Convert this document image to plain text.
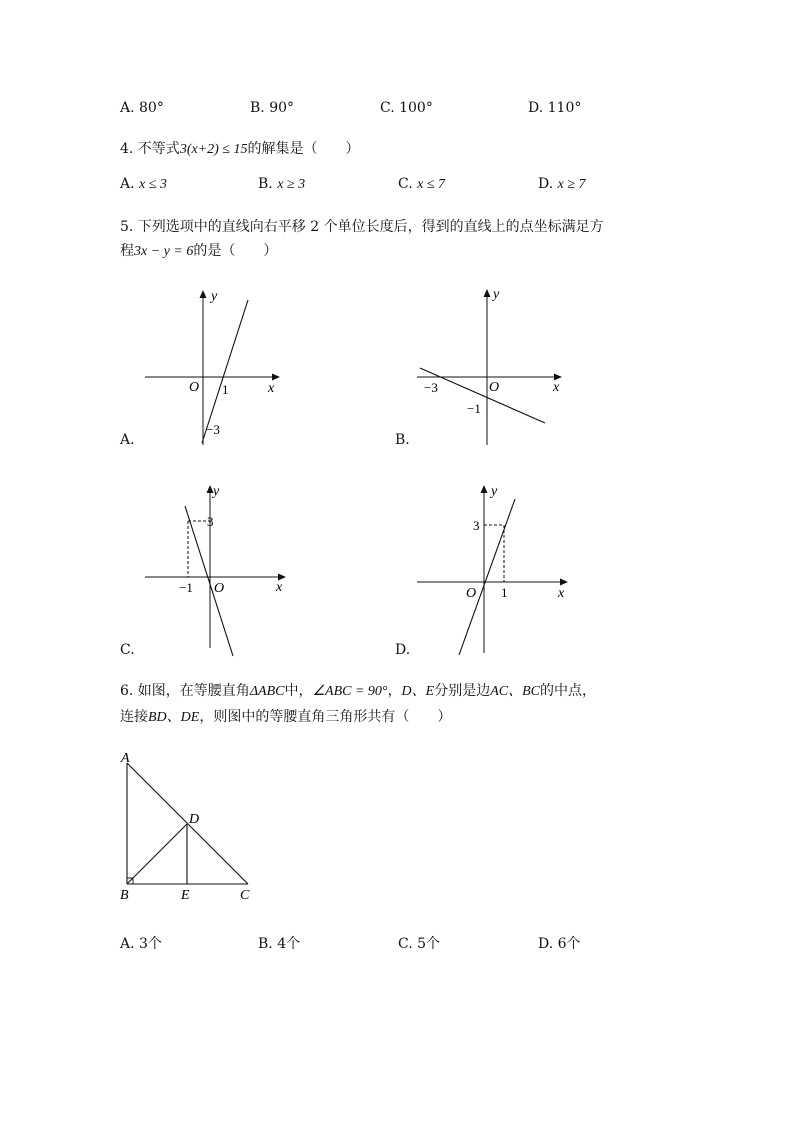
A. 80°	B. 90°	C. 100°	D. 110°
4. 不等式3(x+2) ≤ 15的解集是（　　）
A. x ≤ 3	B. x ≥ 3	C. x ≤ 7	D. x ≥ 7
5. 下列选项中的直线向右平移 2 个单位长度后，得到的直线上的点坐标满足方
程3x − y = 6的是（　　）
x
y
O 1
−3
A.
x
y
O
−3
−1
B.
x
y
O
3
−1
C.
x
y
O
3
1
D.
6. 如图，在等腰直角ΔABC中，∠ABC = 90°，D、E分别是边AC、BC的中点，
连接BD、DE，则图中的等腰直角三角形共有（　　）
A
B	C
D
E
A. 3个	B. 4个	C. 5个	D. 6个
